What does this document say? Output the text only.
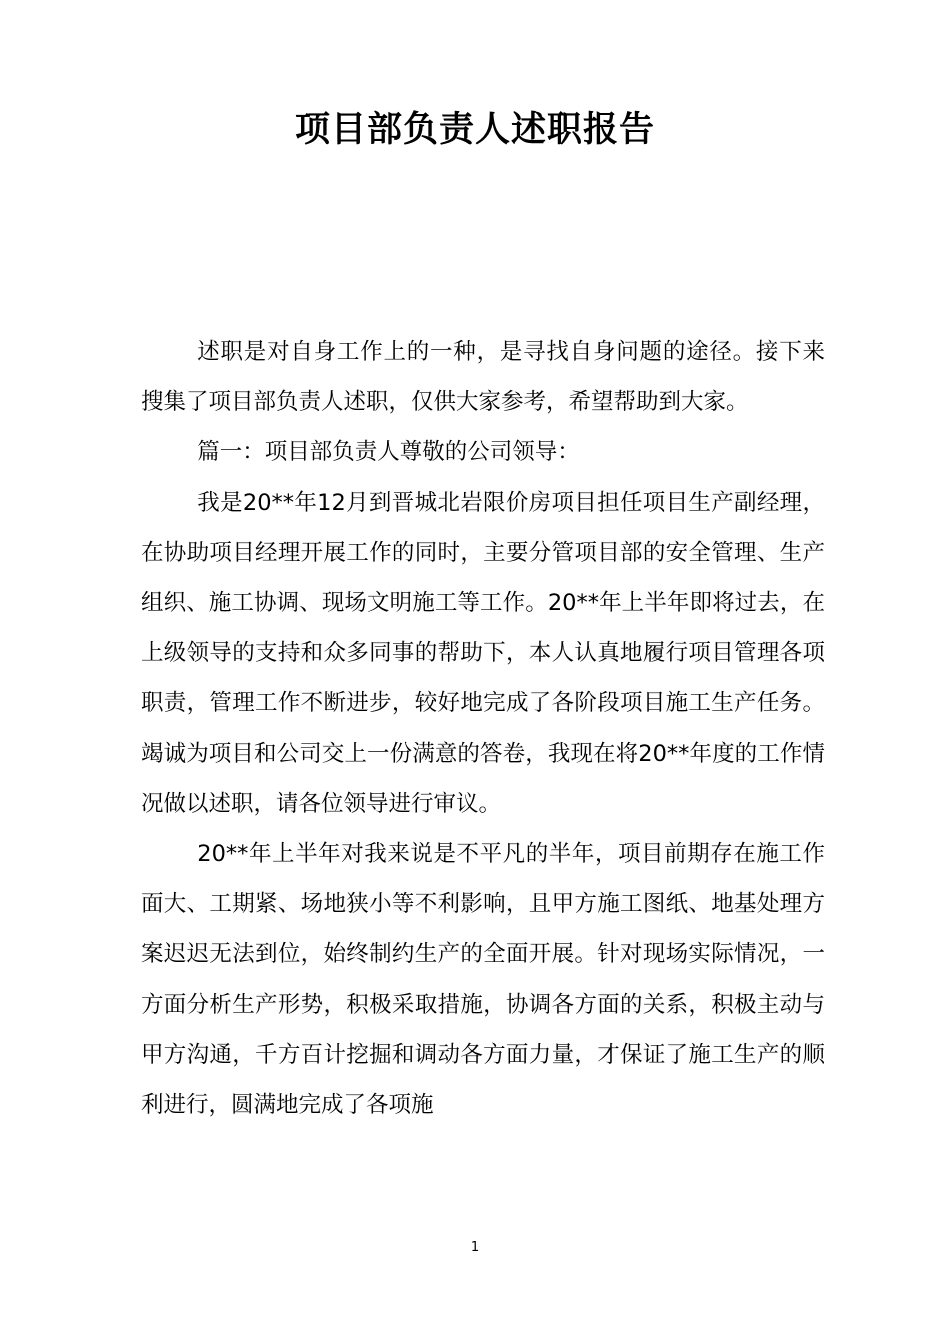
项目部负责人述职报告

述职是对自身工作上的一种，是寻找自身问题的途径。接下来搜集了项目部负责人述职，仅供大家参考，希望帮助到大家。

篇一：项目部负责人尊敬的公司领导：

我是20**年12月到晋城北岩限价房项目担任项目生产副经理，在协助项目经理开展工作的同时，主要分管项目部的安全管理、生产组织、施工协调、现场文明施工等工作。20**年上半年即将过去，在上级领导的支持和众多同事的帮助下，本人认真地履行项目管理各项职责，管理工作不断进步，较好地完成了各阶段项目施工生产任务。竭诚为项目和公司交上一份满意的答卷，我现在将20**年度的工作情况做以述职，请各位领导进行审议。

20**年上半年对我来说是不平凡的半年，项目前期存在施工作面大、工期紧、场地狭小等不利影响，且甲方施工图纸、地基处理方案迟迟无法到位，始终制约生产的全面开展。针对现场实际情况，一方面分析生产形势，积极采取措施，协调各方面的关系，积极主动与甲方沟通，千方百计挖掘和调动各方面力量，才保证了施工生产的顺利进行，圆满地完成了各项施

1
